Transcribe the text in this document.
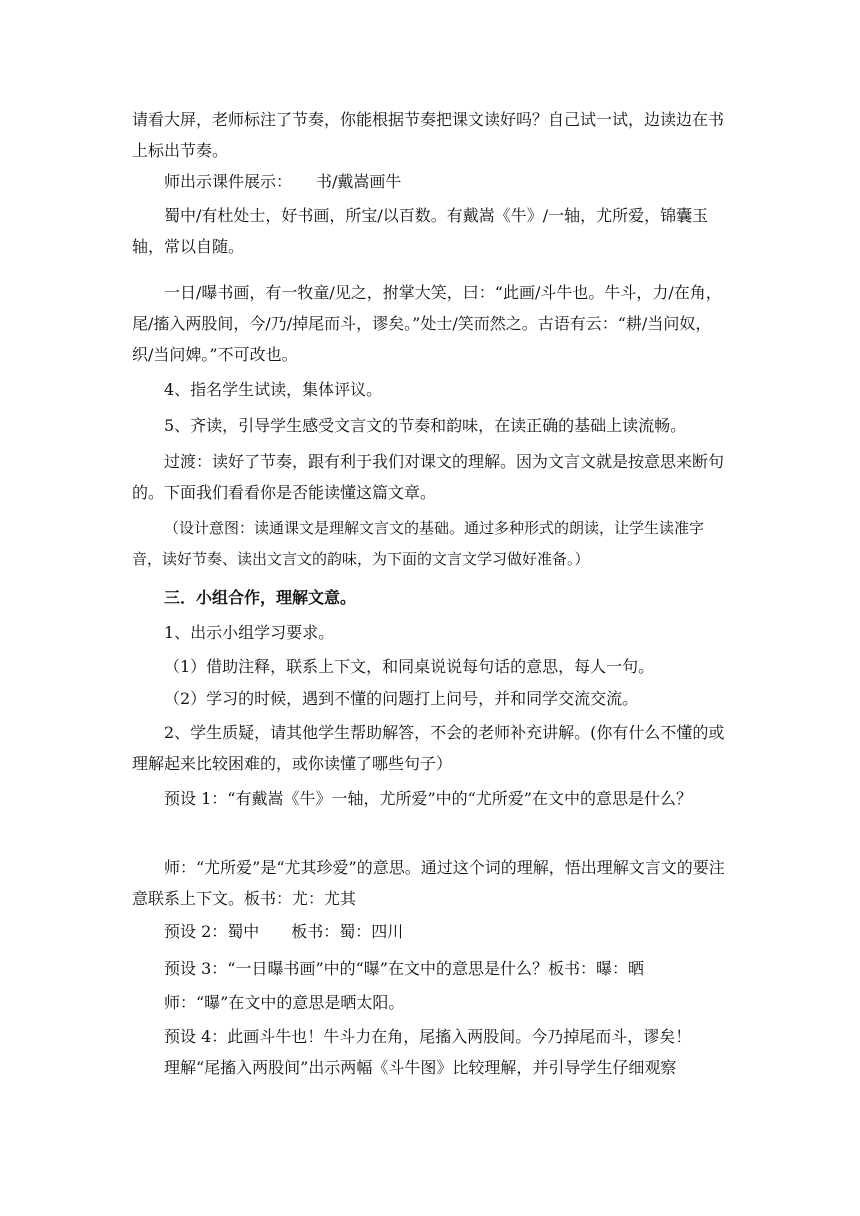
请看大屏，老师标注了节奏，你能根据节奏把课文读好吗？自己试一试，边读边在书上标出节奏。

师出示课件展示：　　书/戴嵩画牛

蜀中/有杜处士，好书画，所宝/以百数。有戴嵩《牛》/一轴，尤所爱，锦囊玉轴，常以自随。

一日/曝书画，有一牧童/见之，拊掌大笑，曰：“此画/斗牛也。牛斗，力/在角，尾/搐入两股间，今/乃/掉尾而斗，谬矣。”处士/笑而然之。古语有云：“耕/当问奴，织/当问婢。”不可改也。

4、指名学生试读，集体评议。

5、齐读，引导学生感受文言文的节奏和韵味，在读正确的基础上读流畅。

过渡：读好了节奏，跟有利于我们对课文的理解。因为文言文就是按意思来断句的。下面我们看看你是否能读懂这篇文章。

（设计意图：读通课文是理解文言文的基础。通过多种形式的朗读，让学生读准字音，读好节奏、读出文言文的韵味，为下面的文言文学习做好准备。）

三．小组合作，理解文意。

1、出示小组学习要求。

（1）借助注释，联系上下文，和同桌说说每句话的意思，每人一句。

（2）学习的时候，遇到不懂的问题打上问号，并和同学交流交流。

2、学生质疑，请其他学生帮助解答，不会的老师补充讲解。(你有什么不懂的或理解起来比较困难的，或你读懂了哪些句子）

预设 1：“有戴嵩《牛》一轴，尤所爱”中的“尤所爱”在文中的意思是什么？

师：“尤所爱”是“尤其珍爱”的意思。通过这个词的理解，悟出理解文言文的要注意联系上下文。板书：尤：尤其

预设 2：蜀中　　板书：蜀：四川

预设 3：“一日曝书画”中的“曝”在文中的意思是什么？板书：曝：晒

师：“曝”在文中的意思是晒太阳。

预设 4：此画斗牛也！牛斗力在角，尾搐入两股间。今乃掉尾而斗，谬矣！

理解“尾搐入两股间”出示两幅《斗牛图》比较理解，并引导学生仔细观察
